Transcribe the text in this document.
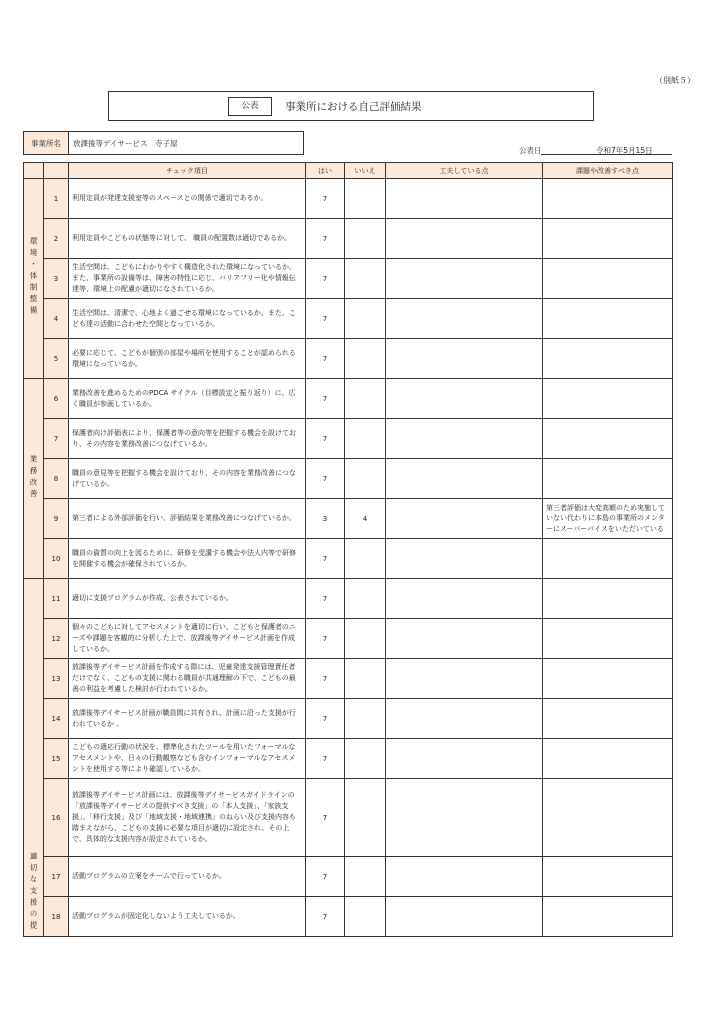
（別紙５）
公表	事業所における自己評価結果
事業所名	放課後等デイサービス　寺子屋
公表日	令和7年5月15日
		チェック項目	はい	いいえ	工夫している点	課題や改善すべき点
環境・体制整備	1	利用定員が発達支援室等のスペースとの関係で適切であるか。	7			
	2	利用定員やこどもの状態等に対して、 職員の配置数は適切であるか。	7			
	3	生活空間は、こどもにわかりやすく構造化された環境になっているか。また、事業所の設備等は、障害の特性に応じ、バリアフリー化や情報伝達等、環境上の配慮が適切になされているか。	7			
	4	生活空間は、清潔で、心地よく過ごせる環境になっているか。また、こども達の活動に合わせた空間となっているか。	7			
	5	必要に応じて、こどもが個別の部屋や場所を使用することが認められる環境になっているか。	7			
業務改善	6	業務改善を進めるためのPDCA サイクル（目標設定と振り返り）に、広く職員が参画しているか。	7			
	7	保護者向け評価表により、保護者等の意向等を把握する機会を設けており、その内容を業務改善につなげているか。	7			
	8	職員の意見等を把握する機会を設けており、その内容を業務改善につなげているか。	7			
	9	第三者による外部評価を行い、評価結果を業務改善につなげているか。	3	4		第三者評価は大変高額のため実施していない代わりに本島の事業所のメンターにスーパーバイスをいただいている
	10	職員の資質の向上を図るために、研修を受講する機会や法人内等で研修を開催する機会が確保されているか。	7			
適切な支援の提	11	適切に支援プログラムが作成、公表されているか。	7			
	12	個々のこどもに対してアセスメントを適切に行い、こどもと保護者のニーズや課題を客観的に分析した上で、放課後等デイサービス計画を作成しているか。	7			
	13	放課後等デイサービス計画を作成する際には、児童発達支援管理責任者だけでなく、こどもの支援に関わる職員が共通理解の下で、こどもの最善の利益を考慮した検討が行われているか。	7			
	14	放課後等デイサービス計画が職員間に共有され、計画に沿った支援が行われているか 。	7			
	15	こどもの適応行動の状況を、標準化されたツールを用いたフォーマルなアセスメントや、日々の行動観察なども含むインフォーマルなアセスメントを使用する等により確認しているか。	7			
	16	放課後等デイサービス計画には、放課後等デイサービスガイドラインの「放課後等デイサービスの提供すべき支援」の「本人支援」、「家族支援」、「移行支援」及び「地域支援・地域連携」のねらい及び支援内容も踏まえながら、こどもの支援に必要な項目が適切に設定され、その上で、具体的な支援内容が設定されているか。	7			
	17	活動プログラムの立案をチームで行っているか。	7			
	18	活動プログラムが固定化しないよう工夫しているか。	7			
